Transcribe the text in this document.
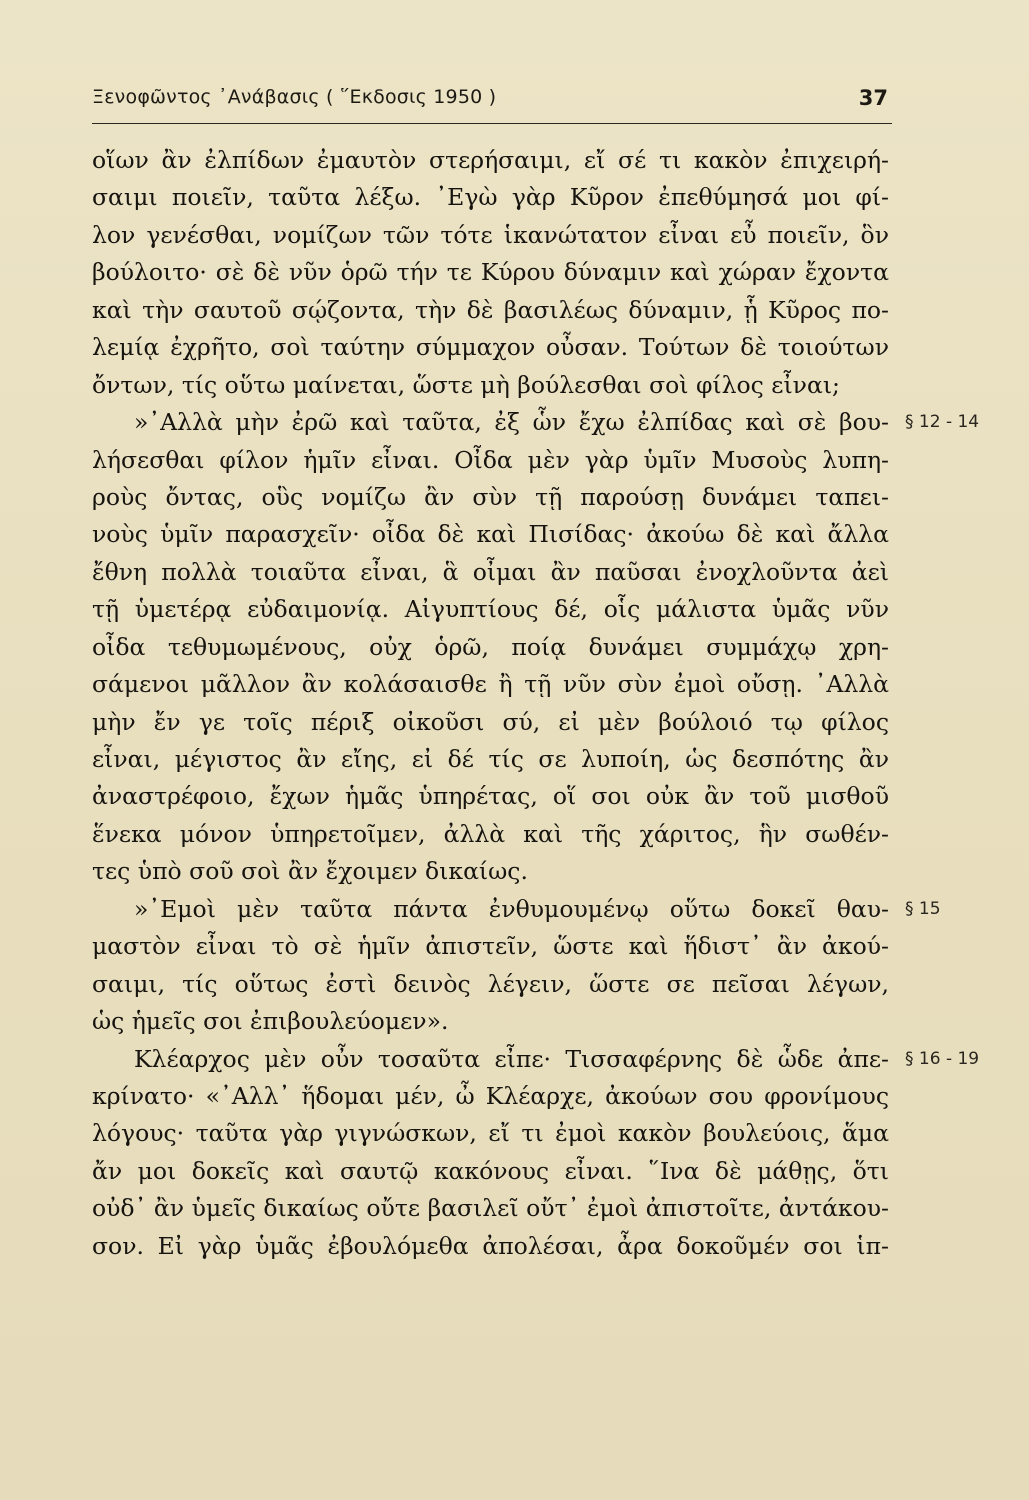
Ξενοφῶντος ᾿Ανάβασις ( ῞Εκδοσις 1950 )	37
οἵων ἂν ἐλπίδων ἐμαυτὸν στερήσαιμι, εἴ σέ τι κακὸν ἐπιχειρή- σαιμι ποιεῖν, ταῦτα λέξω. ᾿Εγὼ γὰρ Κῦρον ἐπεθύμησά μοι φί- λον γενέσθαι, νομίζων τῶν τότε ἱκανώτατον εἶναι εὖ ποιεῖν, ὃν βούλοιτο· σὲ δὲ νῦν ὁρῶ τήν τε Κύρου δύναμιν καὶ χώραν ἔχοντα καὶ τὴν σαυτοῦ σῴζοντα, τὴν δὲ βασιλέως δύναμιν, ᾗ Κῦρος πο- λεμίᾳ ἐχρῆτο, σοὶ ταύτην σύμμαχον οὖσαν. Τούτων δὲ τοιούτων ὄντων, τίς οὕτω μαίνεται, ὥστε μὴ βούλεσθαι σοὶ φίλος εἶναι;
»᾿Αλλὰ μὴν ἐρῶ καὶ ταῦτα, ἐξ ὧν ἔχω ἐλπίδας καὶ σὲ βου- § 12 - 14
λήσεσθαι φίλον ἡμῖν εἶναι. Οἶδα μὲν γὰρ ὑμῖν Μυσοὺς λυπη- ροὺς ὄντας, οὓς νομίζω ἂν σὺν τῇ παρούσῃ δυνάμει ταπει- νοὺς ὑμῖν παρασχεῖν· οἶδα δὲ καὶ Πισίδας· ἀκούω δὲ καὶ ἄλλα ἔθνη πολλὰ τοιαῦτα εἶναι, ἃ οἶμαι ἂν παῦσαι ἐνοχλοῦντα ἀεὶ τῇ ὑμετέρᾳ εὐδαιμονίᾳ. Αἰγυπτίους δέ, οἷς μάλιστα ὑμᾶς νῦν οἶδα τεθυμωμένους, οὐχ ὁρῶ, ποίᾳ δυνάμει συμμάχῳ χρη- σάμενοι μᾶλλον ἂν κολάσαισθε ἢ τῇ νῦν σὺν ἐμοὶ οὔσῃ. ᾿Αλλὰ μὴν ἔν γε τοῖς πέριξ οἰκοῦσι σύ, εἰ μὲν βούλοιό τῳ φίλος εἶναι, μέγιστος ἂν εἴης, εἰ δέ τίς σε λυποίη, ὡς δεσπότης ἂν ἀναστρέφοιο, ἔχων ἡμᾶς ὑπηρέτας, οἵ σοι οὐκ ἂν τοῦ μισθοῦ ἕνεκα μόνον ὑπηρετοῖμεν, ἀλλὰ καὶ τῆς χάριτος, ἣν σωθέν- τες ὑπὸ σοῦ σοὶ ἂν ἔχοιμεν δικαίως.
»᾿Εμοὶ μὲν ταῦτα πάντα ἐνθυμουμένῳ οὕτω δοκεῖ θαυ- § 15
μαστὸν εἶναι τὸ σὲ ἡμῖν ἀπιστεῖν, ὥστε καὶ ἥδιστ᾿ ἂν ἀκού- σαιμι, τίς οὕτως ἐστὶ δεινὸς λέγειν, ὥστε σε πεῖσαι λέγων, ὡς ἡμεῖς σοι ἐπιβουλεύομεν».
Κλέαρχος μὲν οὖν τοσαῦτα εἶπε· Τισσαφέρνης δὲ ὧδε ἀπε- § 16 - 19
κρίνατο· «᾿Αλλ᾿ ἥδομαι μέν, ὦ Κλέαρχε, ἀκούων σου φρονίμους λόγους· ταῦτα γὰρ γιγνώσκων, εἴ τι ἐμοὶ κακὸν βουλεύοις, ἅμα ἄν μοι δοκεῖς καὶ σαυτῷ κακόνους εἶναι. ῞Ινα δὲ μάθῃς, ὅτι οὐδ᾿ ἂν ὑμεῖς δικαίως οὔτε βασιλεῖ οὔτ᾿ ἐμοὶ ἀπιστοῖτε, ἀντάκου- σον. Εἰ γὰρ ὑμᾶς ἐβουλόμεθα ἀπολέσαι, ἆρα δοκοῦμέν σοι ἱπ-
